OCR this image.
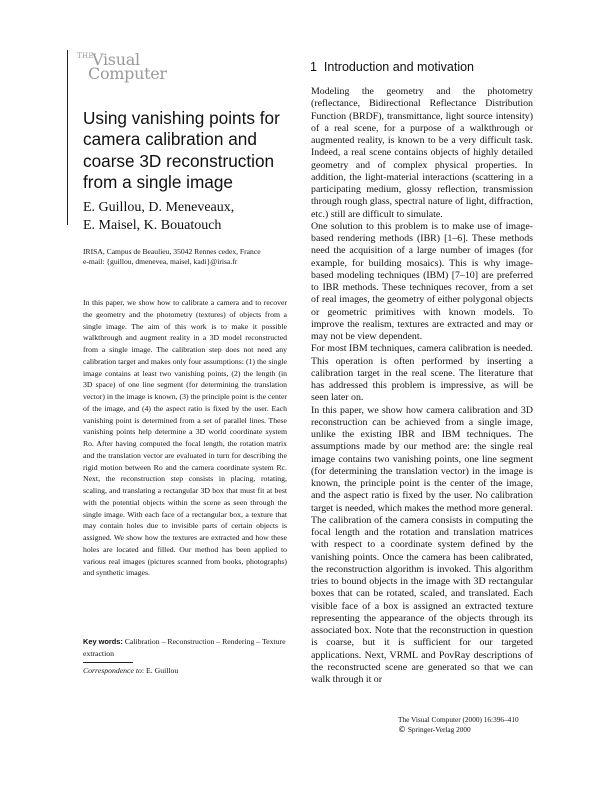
THE
Visual
Computer
Using vanishing points for camera calibration and coarse 3D reconstruction from a single image
E. Guillou, D. Meneveaux,
E. Maisel, K. Bouatouch
IRISA, Campus de Beaulieu, 35042 Rennes cedex, France
e-mail: {guillou, dmenevea, maisel, kadi}@irisa.fr
In this paper, we show how to calibrate a camera and to recover the geometry and the photometry (textures) of objects from a single image. The aim of this work is to make it possible walkthrough and augment reality in a 3D model reconstructed from a single image. The calibration step does not need any calibration target and makes only four assumptions: (1) the single image contains at least two vanishing points, (2) the length (in 3D space) of one line segment (for determining the translation vector) in the image is known, (3) the principle point is the center of the image, and (4) the aspect ratio is fixed by the user. Each vanishing point is determined from a set of parallel lines. These vanishing points help determine a 3D world coordinate system Ro. After having computed the focal length, the rotation matrix and the translation vector are evaluated in turn for describing the rigid motion between Ro and the camera coordinate system Rc. Next, the reconstruction step consists in placing, rotating, scaling, and translating a rectangular 3D box that must fit at best with the potential objects within the scene as seen through the single image. With each face of a rectangular box, a texture that may contain holes due to invisible parts of certain objects is assigned. We show how the textures are extracted and how these holes are located and filled. Our method has been applied to various real images (pictures scanned from books, photographs) and synthetic images.
Key words: Calibration – Reconstruction – Rendering – Texture extraction
Correspondence to: E. Guillou
1 Introduction and motivation

Modeling the geometry and the photometry (reflectance, Bidirectional Reflectance Distribution Function (BRDF), transmittance, light source intensity) of a real scene, for a purpose of a walkthrough or augmented reality, is known to be a very difficult task. Indeed, a real scene contains objects of highly detailed geometry and of complex physical properties. In addition, the light-material interactions (scattering in a participating medium, glossy reflection, transmission through rough glass, spectral nature of light, diffraction, etc.) still are difficult to simulate.

One solution to this problem is to make use of image-based rendering methods (IBR) [1–6]. These methods need the acquisition of a large number of images (for example, for building mosaics). This is why image-based modeling techniques (IBM) [7–10] are preferred to IBR methods. These techniques recover, from a set of real images, the geometry of either polygonal objects or geometric primitives with known models. To improve the realism, textures are extracted and may or may not be view dependent.

For most IBM techniques, camera calibration is needed. This operation is often performed by inserting a calibration target in the real scene. The literature that has addressed this problem is impressive, as will be seen later on.

In this paper, we show how camera calibration and 3D reconstruction can be achieved from a single image, unlike the existing IBR and IBM techniques. The assumptions made by our method are: the single real image contains two vanishing points, one line segment (for determining the translation vector) in the image is known, the principle point is the center of the image, and the aspect ratio is fixed by the user. No calibration target is needed, which makes the method more general. The calibration of the camera consists in computing the focal length and the rotation and translation matrices with respect to a coordinate system defined by the vanishing points. Once the camera has been calibrated, the reconstruction algorithm is invoked. This algorithm tries to bound objects in the image with 3D rectangular boxes that can be rotated, scaled, and translated. Each visible face of a box is assigned an extracted texture representing the appearance of the objects through its associated box. Note that the reconstruction in question is coarse, but it is sufficient for our targeted applications. Next, VRML and PovRay descriptions of the reconstructed scene are generated so that we can walk through it or

The Visual Computer (2000) 16:396–410
© Springer-Verlag 2000
